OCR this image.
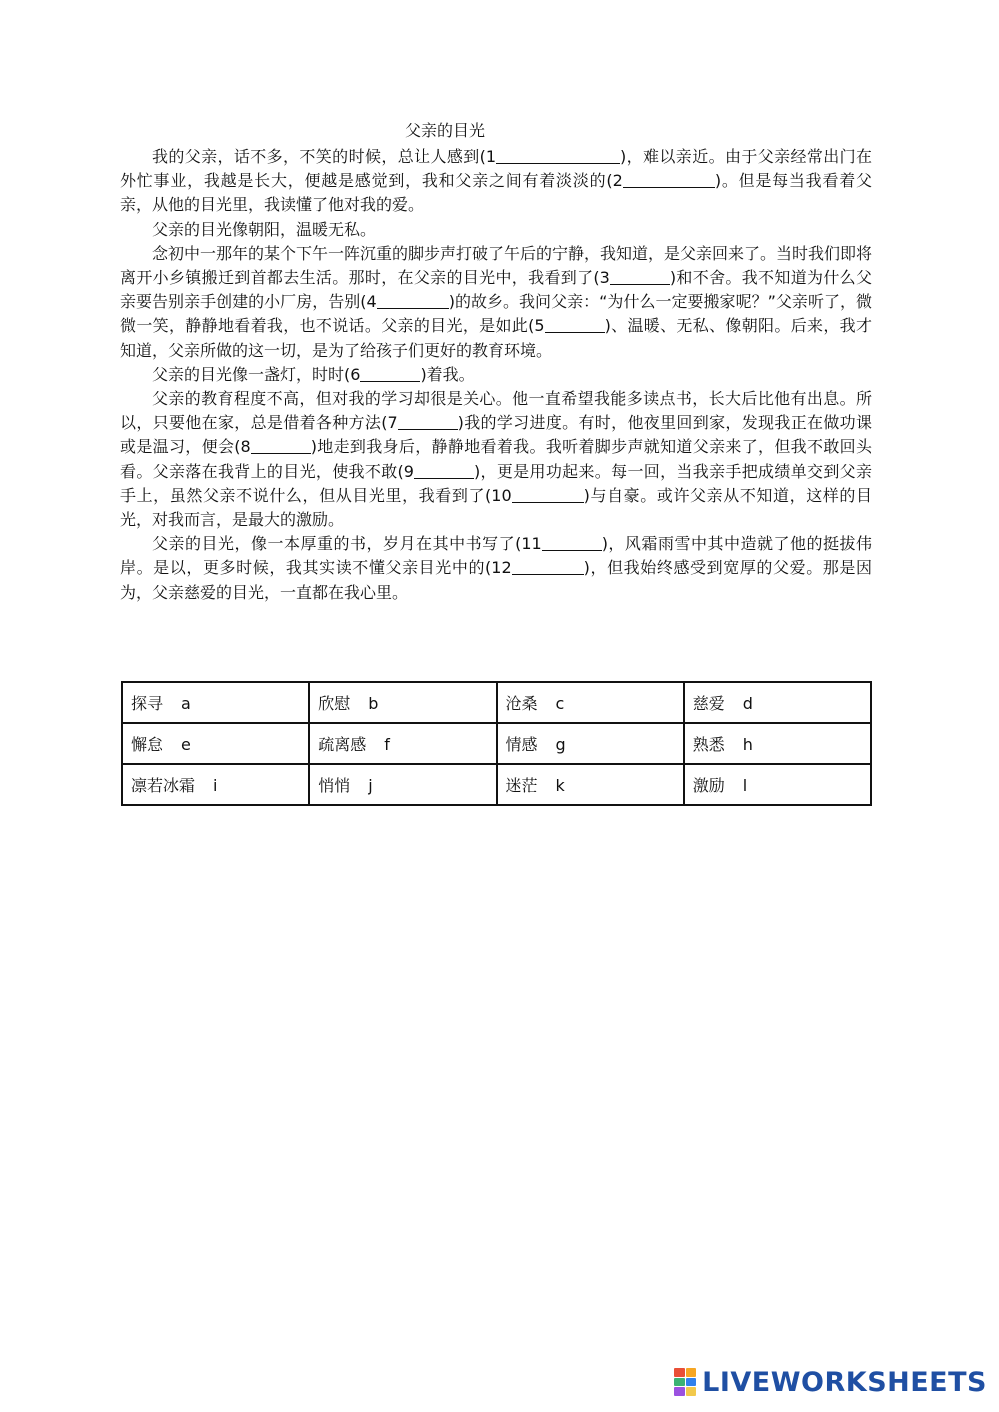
父亲的目光

我的父亲，话不多，不笑的时候，总让人感到(1	)，难以亲近。由于父亲经常出门在外忙事业，我越是长大，便越是感觉到，我和父亲之间有着淡淡的(2	)。但是每当我看着父亲，从他的目光里，我读懂了他对我的爱。

父亲的目光像朝阳，温暖无私。

念初中一那年的某个下午一阵沉重的脚步声打破了午后的宁静，我知道，是父亲回来了。当时我们即将离开小乡镇搬迁到首都去生活。那时，在父亲的目光中，我看到了(3	)和不舍。我不知道为什么父亲要告别亲手创建的小厂房，告别(4	)的故乡。我问父亲：“为什么一定要搬家呢？”父亲听了，微微一笑，静静地看着我，也不说话。父亲的目光，是如此(5	)、温暖、无私、像朝阳。后来，我才知道，父亲所做的这一切，是为了给孩子们更好的教育环境。

父亲的目光像一盏灯，时时(6	)着我。

父亲的教育程度不高，但对我的学习却很是关心。他一直希望我能多读点书，长大后比他有出息。所以，只要他在家，总是借着各种方法(7	)我的学习进度。有时，他夜里回到家，发现我正在做功课或是温习，便会(8	)地走到我身后，静静地看着我。我听着脚步声就知道父亲来了，但我不敢回头看。父亲落在我背上的目光，使我不敢(9	)，更是用功起来。每一回，当我亲手把成绩单交到父亲手上，虽然父亲不说什么，但从目光里，我看到了(10	)与自豪。或许父亲从不知道，这样的目光，对我而言，是最大的激励。

父亲的目光，像一本厚重的书，岁月在其中书写了(11	)，风霜雨雪中其中造就了他的挺拔伟岸。是以，更多时候，我其实读不懂父亲目光中的(12	)，但我始终感受到宽厚的父爱。那是因为，父亲慈爱的目光，一直都在我心里。

探寻 a	欣慰 b	沧桑 c	慈爱 d
懈怠 e	疏离感 f	情感 g	熟悉 h
凛若冰霜 i	悄悄 j	迷茫 k	激励 l
LIVEWORKSHEETS
